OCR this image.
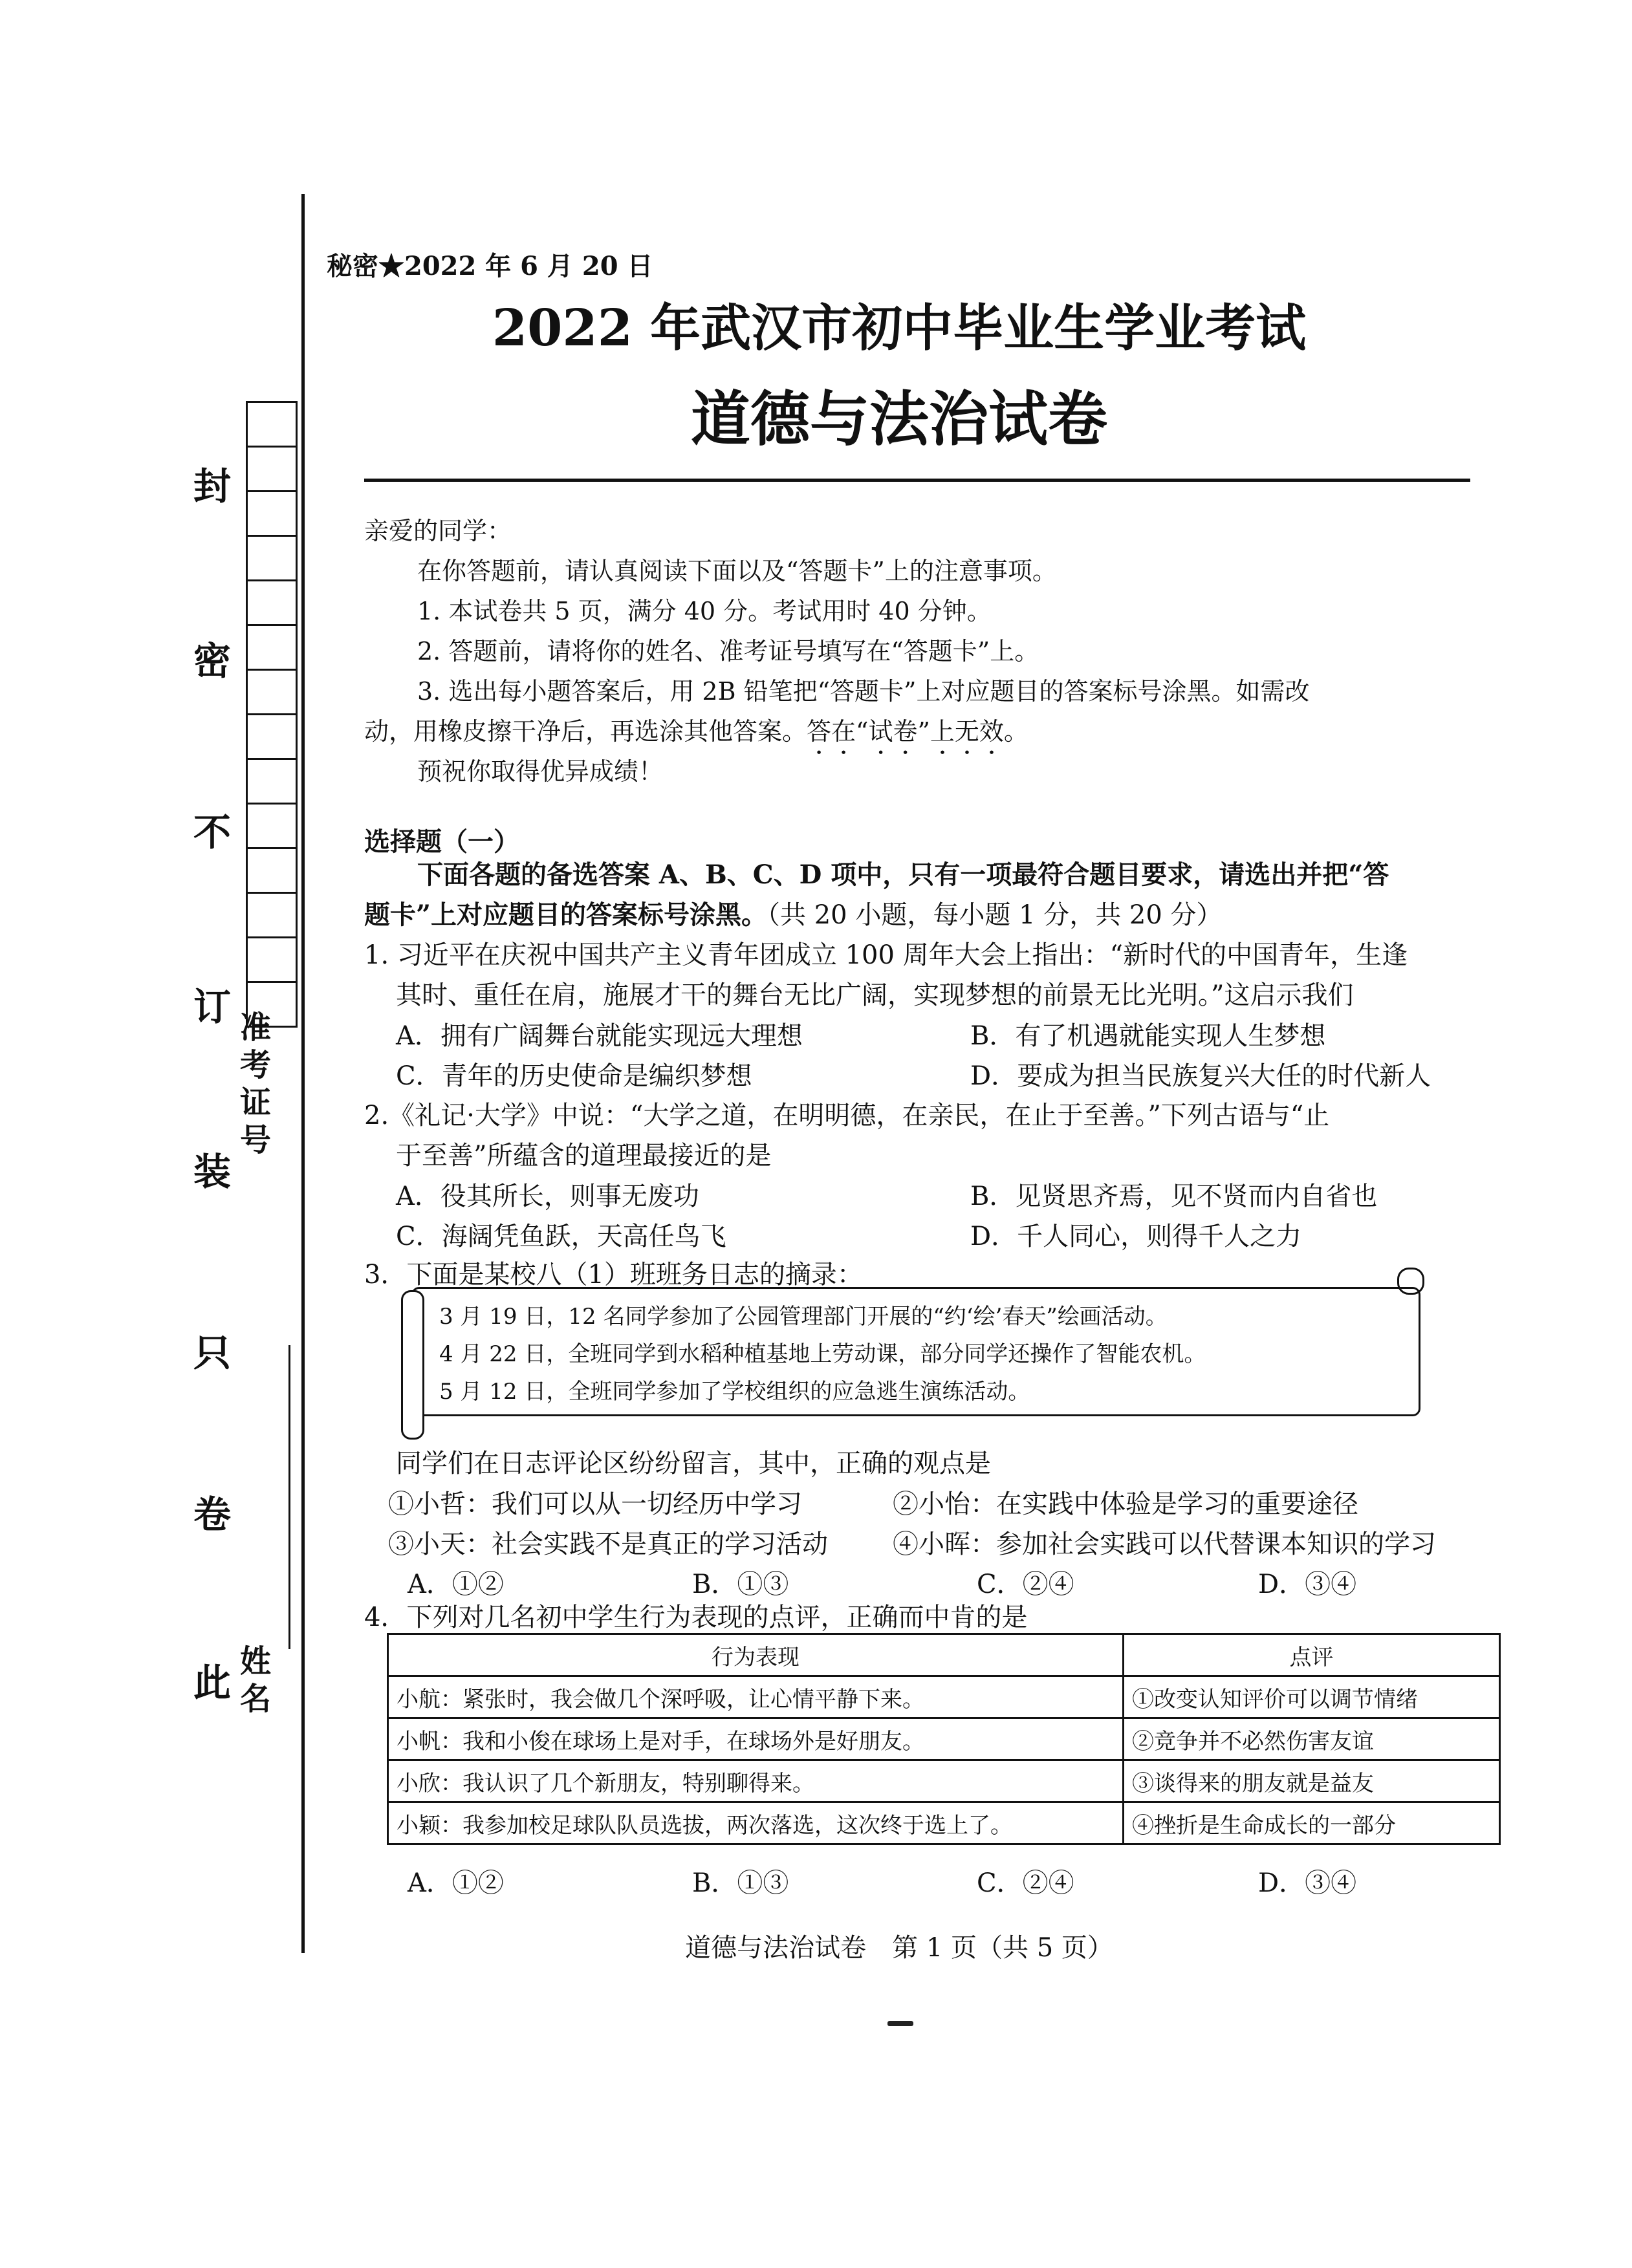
封
密
不
订
装
只
卷
此
准考证号
姓名
秘密★2022 年 6 月 20 日
2022 年武汉市初中毕业生学业考试
道德与法治试卷
亲爱的同学：
在你答题前，请认真阅读下面以及“答题卡”上的注意事项。
1. 本试卷共 5 页，满分 40 分。考试用时 40 分钟。
2. 答题前，请将你的姓名、准考证号填写在“答题卡”上。
3. 选出每小题答案后，用 2B 铅笔把“答题卡”上对应题目的答案标号涂黑。如需改
动，用橡皮擦干净后，再选涂其他答案。答在“试卷”上无效。
预祝你取得优异成绩！
选择题（一）
下面各题的备选答案 A、B、C、D 项中，只有一项最符合题目要求，请选出并把“答
题卡”上对应题目的答案标号涂黑。（共 20 小题，每小题 1 分，共 20 分）
1. 习近平在庆祝中国共产主义青年团成立 100 周年大会上指出：“新时代的中国青年，生逢
其时、重任在肩，施展才干的舞台无比广阔，实现梦想的前景无比光明。”这启示我们
A．拥有广阔舞台就能实现远大理想	B．有了机遇就能实现人生梦想
C．青年的历史使命是编织梦想	D．要成为担当民族复兴大任的时代新人
2.《礼记·大学》中说：“大学之道，在明明德，在亲民，在止于至善。”下列古语与“止
于至善”所蕴含的道理最接近的是
A．役其所长，则事无废功	B．见贤思齐焉，见不贤而内自省也
C．海阔凭鱼跃，天高任鸟飞	D．千人同心，则得千人之力
3．下面是某校八（1）班班务日志的摘录：
3 月 19 日，12 名同学参加了公园管理部门开展的“约‘绘’春天”绘画活动。
4 月 22 日，全班同学到水稻种植基地上劳动课，部分同学还操作了智能农机。
5 月 12 日，全班同学参加了学校组织的应急逃生演练活动。
同学们在日志评论区纷纷留言，其中，正确的观点是
①小哲：我们可以从一切经历中学习	②小怡：在实践中体验是学习的重要途径
③小天：社会实践不是真正的学习活动	④小晖：参加社会实践可以代替课本知识的学习
A．①②	B．①③	C．②④	D．③④
4．下列对几名初中学生行为表现的点评，正确而中肯的是
行为表现	点评
小航：紧张时，我会做几个深呼吸，让心情平静下来。	①改变认知评价可以调节情绪
小帆：我和小俊在球场上是对手，在球场外是好朋友。	②竞争并不必然伤害友谊
小欣：我认识了几个新朋友，特别聊得来。	③谈得来的朋友就是益友
小颖：我参加校足球队队员选拔，两次落选，这次终于选上了。	④挫折是生命成长的一部分
A．①②	B．①③	C．②④	D．③④
道德与法治试卷　第 1 页（共 5 页）
